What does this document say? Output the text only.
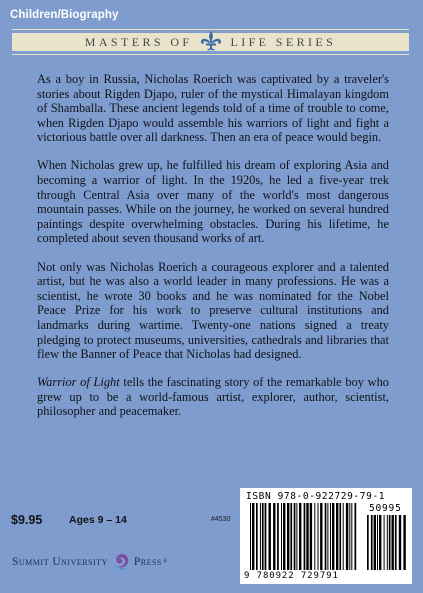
Children/Biography
MASTERS OF	LIFE SERIES

As a boy in Russia, Nicholas Roerich was captivated by a traveler's stories about Rigden Djapo, ruler of the mystical Himalayan kingdom of Shamballa. These ancient legends told of a time of trouble to come, when Rigden Djapo would assemble his warriors of light and fight a victorious battle over all darkness. Then an era of peace would begin.

When Nicholas grew up, he fulfilled his dream of exploring Asia and becoming a warrior of light. In the 1920s, he led a five-year trek through Central Asia over many of the world's most dangerous mountain passes. While on the journey, he worked on several hundred paintings despite overwhelming obstacles. During his lifetime, he completed about seven thousand works of art.

Not only was Nicholas Roerich a courageous explorer and a talented artist, but he was also a world leader in many professions. He was a scientist, he wrote 30 books and he was nominated for the Nobel Peace Prize for his work to preserve cultural institutions and landmarks during wartime. Twenty-one nations signed a treaty pledging to protect museums, universities, cathedrals and libraries that flew the Banner of Peace that Nicholas had designed.

Warrior of Light tells the fascinating story of the remarkable boy who grew up to be a world-famous artist, explorer, author, scientist, philosopher and peacemaker.

$9.95	Ages 9 – 14	#4530
Summit University Press ®
ISBN 978-0-922729-79-1
50995
9 780922 729791
